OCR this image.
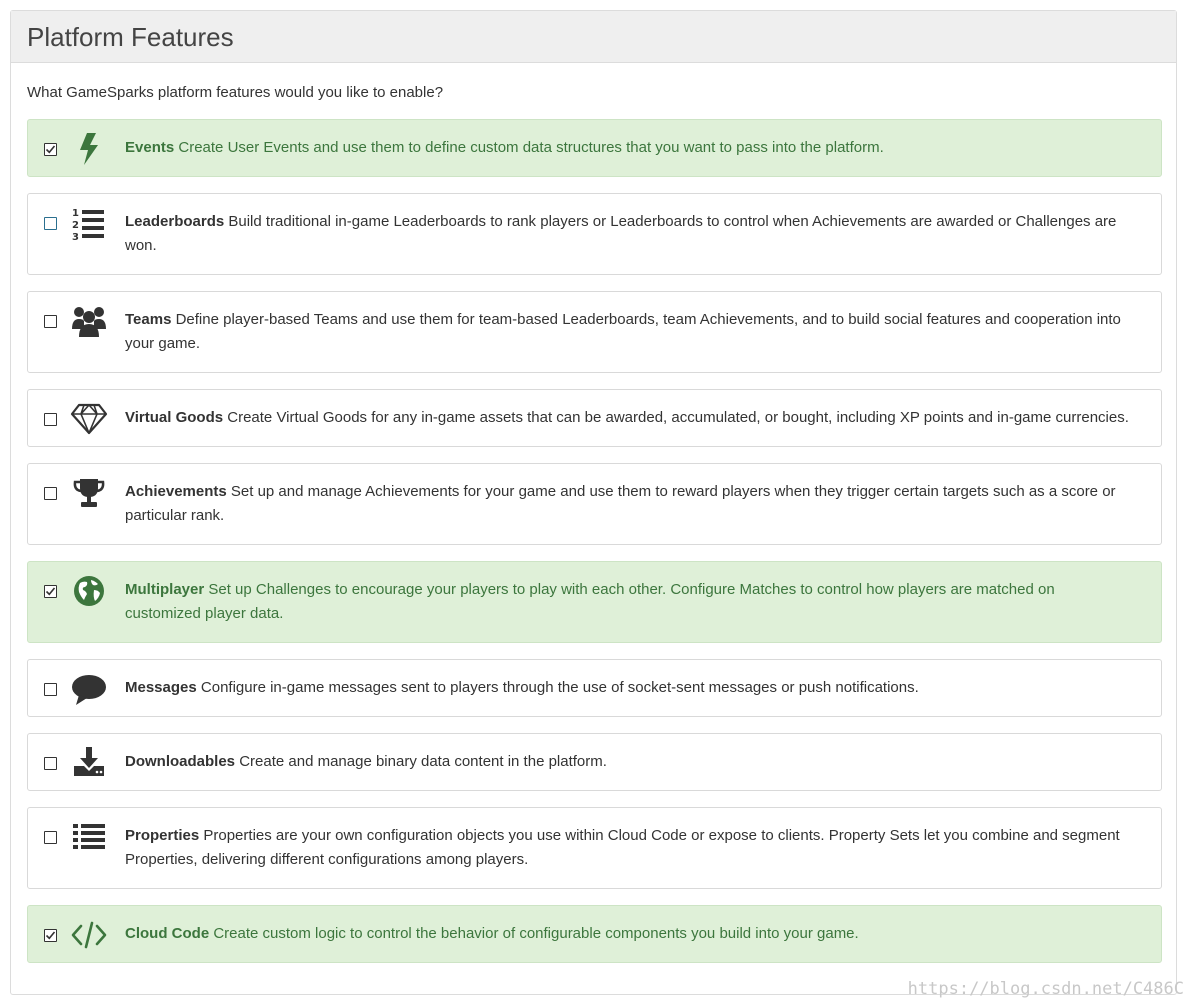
Platform Features
What GameSparks platform features would you like to enable?
Events Create User Events and use them to define custom data structures that you want to pass into the platform.
1
2
3
Leaderboards Build traditional in-game Leaderboards to rank players or Leaderboards to control when Achievements are awarded or Challenges are won.
Teams Define player-based Teams and use them for team-based Leaderboards, team Achievements, and to build social features and cooperation into your game.
Virtual Goods Create Virtual Goods for any in-game assets that can be awarded, accumulated, or bought, including XP points and in-game currencies.
Achievements Set up and manage Achievements for your game and use them to reward players when they trigger certain targets such as a score or particular rank.
Multiplayer Set up Challenges to encourage your players to play with each other. Configure Matches to control how players are matched on customized player data.
Messages Configure in-game messages sent to players through the use of socket-sent messages or push notifications.
Downloadables Create and manage binary data content in the platform.
Properties Properties are your own configuration objects you use within Cloud Code or expose to clients. Property Sets let you combine and segment Properties, delivering different configurations among players.
Cloud Code Create custom logic to control the behavior of configurable components you build into your game.
https://blog.csdn.net/C486C
